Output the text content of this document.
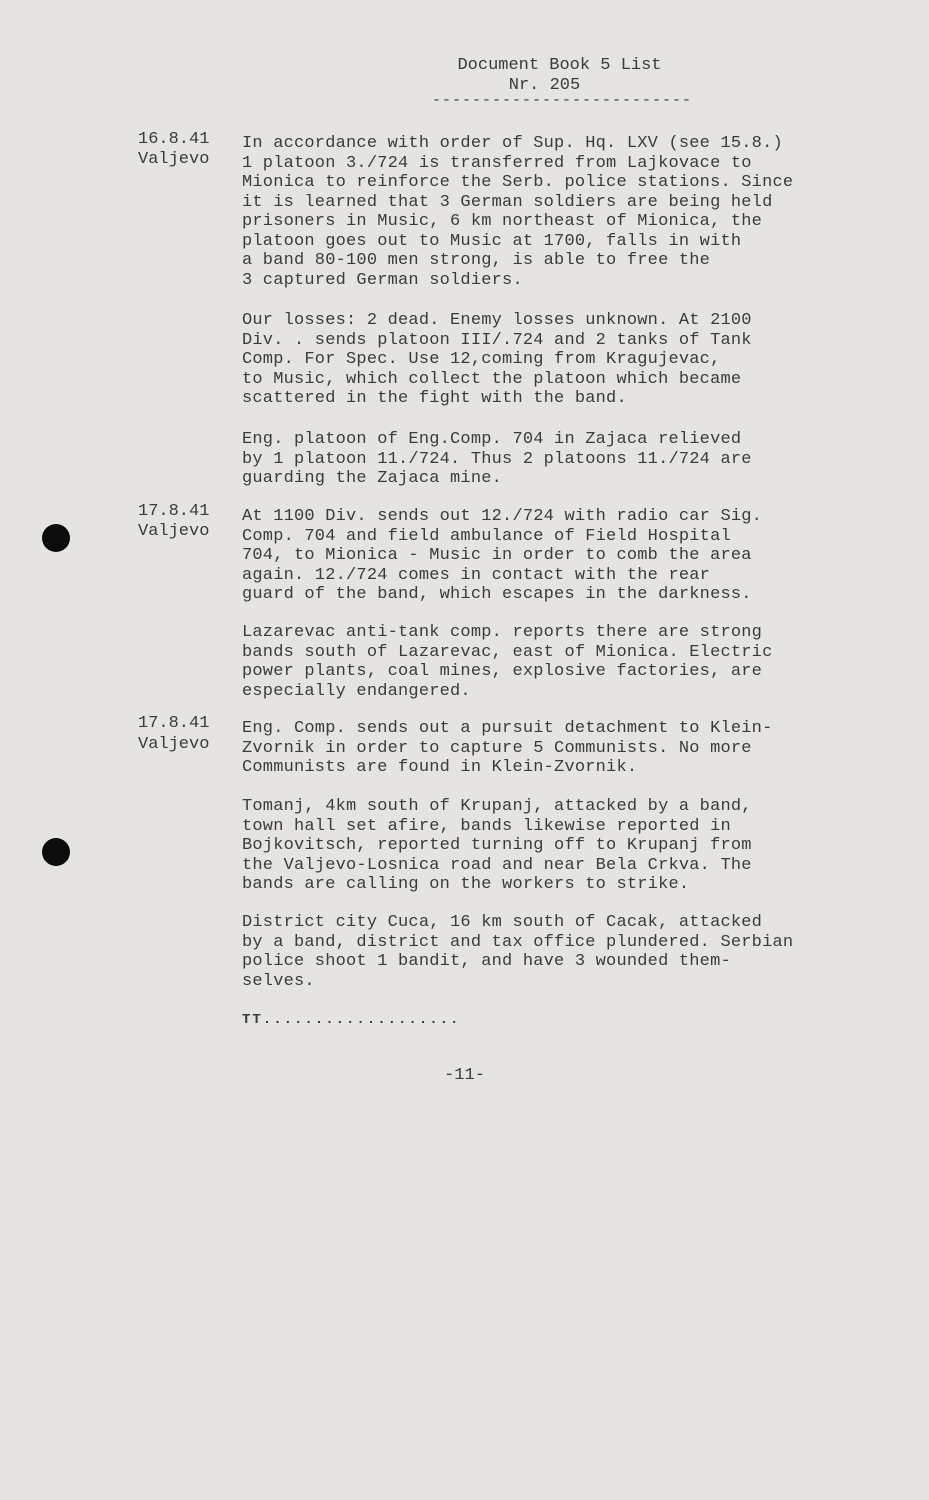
Document Book 5 List
Nr. 205
--------------------------
16.8.41
Valjevo
In accordance with order of Sup. Hq. LXV (see 15.8.)
1 platoon 3./724 is transferred from Lajkovace to
Mionica to reinforce the Serb. police stations. Since
it is learned that 3 German soldiers are being held
prisoners in Music, 6 km northeast of Mionica, the
platoon goes out to Music at 1700, falls in with
a band 80-100 men strong, is able to free the
3 captured German soldiers.
Our losses: 2 dead. Enemy losses unknown. At 2100
Div. . sends platoon III/.724 and 2 tanks of Tank
Comp. For Spec. Use 12,coming from Kragujevac,
to Music, which collect the platoon which became
scattered in the fight with the band.
Eng. platoon of Eng.Comp. 704 in Zajaca relieved
by 1 platoon 11./724. Thus 2 platoons 11./724 are
guarding the Zajaca mine.
17.8.41
Valjevo
At 1100 Div. sends out 12./724 with radio car Sig.
Comp. 704 and field ambulance of Field Hospital
704, to Mionica - Music in order to comb the area
again. 12./724 comes in contact with the rear
guard of the band, which escapes in the darkness.
Lazarevac anti-tank comp. reports there are strong
bands south of Lazarevac, east of Mionica. Electric
power plants, coal mines, explosive factories, are
especially endangered.
17.8.41
Valjevo
Eng. Comp. sends out a pursuit detachment to Klein-
Zvornik in order to capture 5 Communists. No more
Communists are found in Klein-Zvornik.
Tomanj, 4km south of Krupanj, attacked by a band,
town hall set afire, bands likewise reported in
Bojkovitsch, reported turning off to Krupanj from
the Valjevo-Losnica road and near Bela Crkva. The
bands are calling on the workers to strike.
District city Cuca, 16 km south of Cacak, attacked
by a band, district and tax office plundered. Serbian
police shoot 1 bandit, and have 3 wounded them-
selves.
TT...................
-11-
